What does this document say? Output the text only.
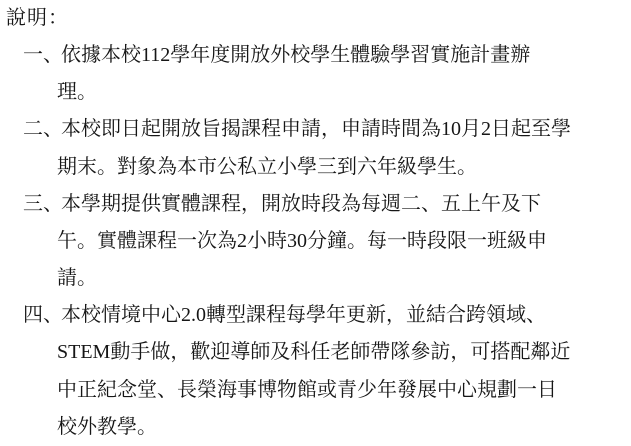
說明：
一、
依據本校112學年度開放外校學生體驗學習實施計畫辦
理。
二、
本校即日起開放旨揭課程申請，申請時間為10月2日起至學
期末。對象為本市公私立小學三到六年級學生。
三、
本學期提供實體課程，開放時段為每週二、五上午及下
午。實體課程一次為2小時30分鐘。每一時段限一班級申
請。
四、
本校情境中心2.0轉型課程每學年更新，並結合跨領域、
STEM動手做，歡迎導師及科任老師帶隊參訪，可搭配鄰近
中正紀念堂、長榮海事博物館或青少年發展中心規劃一日
校外教學。
